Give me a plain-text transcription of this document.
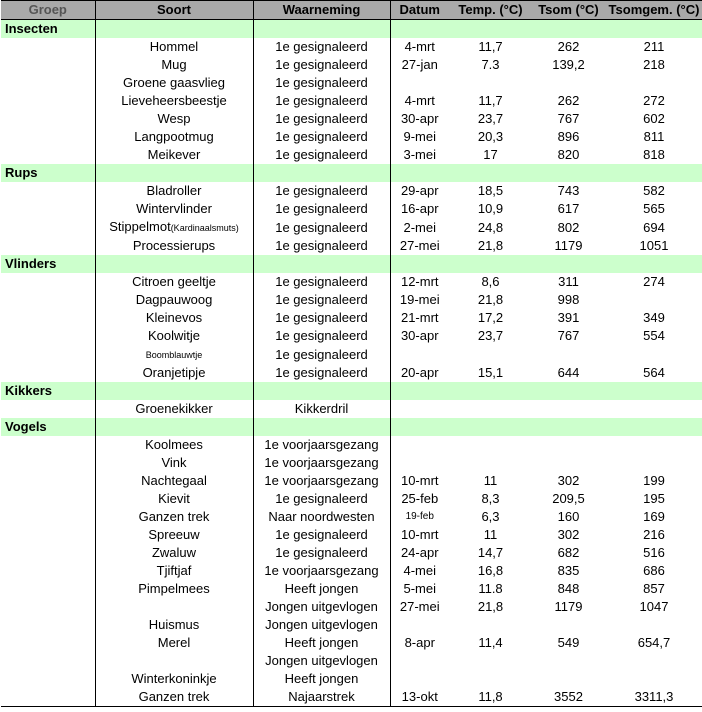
Groep	Soort	Waarneming	Datum	Temp. (°C)	Tsom (°C)	Tsomgem. (°C)
Insecten						
	Hommel	1e gesignaleerd	4-mrt	11,7	262	211
	Mug	1e gesignaleerd	27-jan	7.3	139,2	218
	Groene gaasvlieg	1e gesignaleerd				
	Lieveheersbeestje	1e gesignaleerd	4-mrt	11,7	262	272
	Wesp	1e gesignaleerd	30-apr	23,7	767	602
	Langpootmug	1e gesignaleerd	9-mei	20,3	896	811
	Meikever	1e gesignaleerd	3-mei	17	820	818
Rups						
	Bladroller	1e gesignaleerd	29-apr	18,5	743	582
	Wintervlinder	1e gesignaleerd	16-apr	10,9	617	565
	Stippelmot(Kardinaalsmuts)	1e gesignaleerd	2-mei	24,8	802	694
	Processierups	1e gesignaleerd	27-mei	21,8	1179	1051
Vlinders						
	Citroen geeltje	1e gesignaleerd	12-mrt	8,6	311	274
	Dagpauwoog	1e gesignaleerd	19-mei	21,8	998	
	Kleinevos	1e gesignaleerd	21-mrt	17,2	391	349
	Koolwitje	1e gesignaleerd	30-apr	23,7	767	554
	Boomblauwtje	1e gesignaleerd				
	Oranjetipje	1e gesignaleerd	20-apr	15,1	644	564
Kikkers						
	Groenekikker	Kikkerdril				
Vogels						
	Koolmees	1e voorjaarsgezang				
	Vink	1e voorjaarsgezang				
	Nachtegaal	1e voorjaarsgezang	10-mrt	11	302	199
	Kievit	1e gesignaleerd	25-feb	8,3	209,5	195
	Ganzen trek	Naar noordwesten	19-feb	6,3	160	169
	Spreeuw	1e gesignaleerd	10-mrt	11	302	216
	Zwaluw	1e gesignaleerd	24-apr	14,7	682	516
	Tjiftjaf	1e voorjaarsgezang	4-mei	16,8	835	686
	Pimpelmees	Heeft jongen	5-mei	11.8	848	857
		Jongen uitgevlogen	27-mei	21,8	1179	1047
	Huismus	Jongen uitgevlogen				
	Merel	Heeft jongen	8-apr	11,4	549	654,7
		Jongen uitgevlogen				
	Winterkoninkje	Heeft jongen				
	Ganzen trek	Najaarstrek	13-okt	11,8	3552	3311,3
